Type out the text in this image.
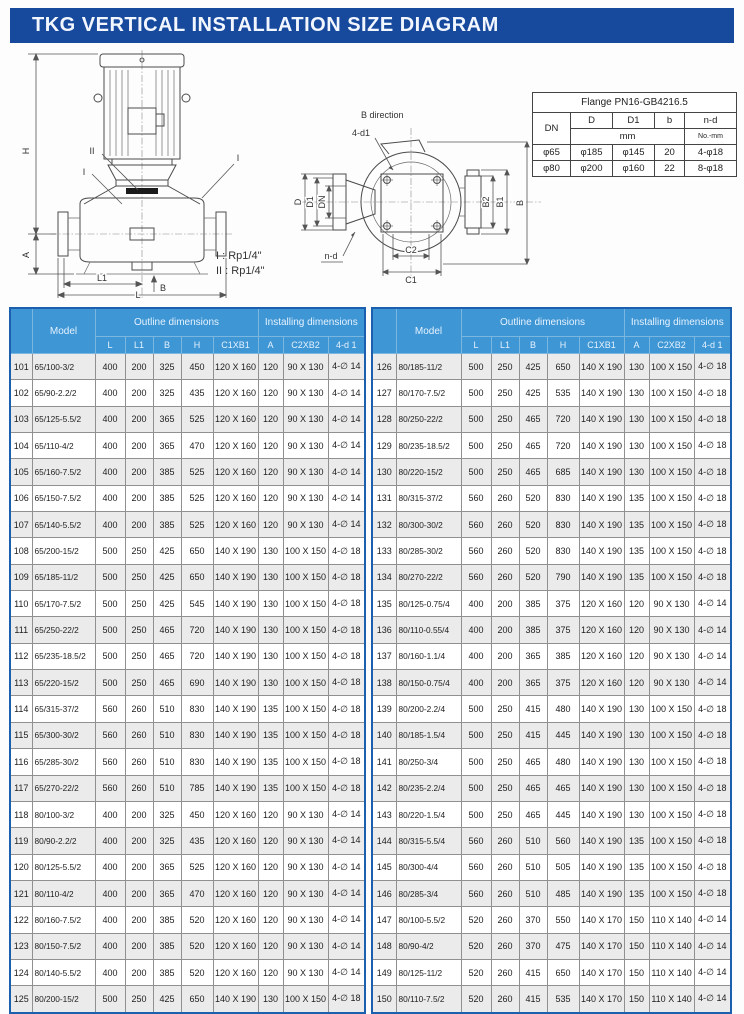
TKG VERTICAL INSTALLATION SIZE DIAGRAM
H
A
L1
L
B
II
I
I
B direction
D D1 DN
n-d
4-d1
B2 B1 B
C2
C1
I : Rp1/4"
II : Rp1/4"
Flange PN16-GB4216.5				
DN	D	D1	b	n-d
	mm			No.-mm
φ65	φ185	φ145	20	4-φ18
φ80	φ200	φ160	22	8-φ18
	Model	Outline dimensions					Installing dimensions		
		L	L1	B	H	C1XB1	A	C2XB2	4-d 1
101	65/100-3/2	400	200	325	450	120 X 160	120	90 X 130	4-∅ 14
102	65/90-2.2/2	400	200	325	435	120 X 160	120	90 X 130	4-∅ 14
103	65/125-5.5/2	400	200	365	525	120 X 160	120	90 X 130	4-∅ 14
104	65/110-4/2	400	200	365	470	120 X 160	120	90 X 130	4-∅ 14
105	65/160-7.5/2	400	200	385	525	120 X 160	120	90 X 130	4-∅ 14
106	65/150-7.5/2	400	200	385	525	120 X 160	120	90 X 130	4-∅ 14
107	65/140-5.5/2	400	200	385	525	120 X 160	120	90 X 130	4-∅ 14
108	65/200-15/2	500	250	425	650	140 X 190	130	100 X 150	4-∅ 18
109	65/185-11/2	500	250	425	650	140 X 190	130	100 X 150	4-∅ 18
110	65/170-7.5/2	500	250	425	545	140 X 190	130	100 X 150	4-∅ 18
111	65/250-22/2	500	250	465	720	140 X 190	130	100 X 150	4-∅ 18
112	65/235-18.5/2	500	250	465	720	140 X 190	130	100 X 150	4-∅ 18
113	65/220-15/2	500	250	465	690	140 X 190	130	100 X 150	4-∅ 18
114	65/315-37/2	560	260	510	830	140 X 190	135	100 X 150	4-∅ 18
115	65/300-30/2	560	260	510	830	140 X 190	135	100 X 150	4-∅ 18
116	65/285-30/2	560	260	510	830	140 X 190	135	100 X 150	4-∅ 18
117	65/270-22/2	560	260	510	785	140 X 190	135	100 X 150	4-∅ 18
118	80/100-3/2	400	200	325	450	120 X 160	120	90 X 130	4-∅ 14
119	80/90-2.2/2	400	200	325	435	120 X 160	120	90 X 130	4-∅ 14
120	80/125-5.5/2	400	200	365	525	120 X 160	120	90 X 130	4-∅ 14
121	80/110-4/2	400	200	365	470	120 X 160	120	90 X 130	4-∅ 14
122	80/160-7.5/2	400	200	385	520	120 X 160	120	90 X 130	4-∅ 14
123	80/150-7.5/2	400	200	385	520	120 X 160	120	90 X 130	4-∅ 14
124	80/140-5.5/2	400	200	385	520	120 X 160	120	90 X 130	4-∅ 14
125	80/200-15/2	500	250	425	650	140 X 190	130	100 X 150	4-∅ 18
	Model	Outline dimensions					Installing dimensions		
		L	L1	B	H	C1XB1	A	C2XB2	4-d 1
126	80/185-11/2	500	250	425	650	140 X 190	130	100 X 150	4-∅ 18
127	80/170-7.5/2	500	250	425	535	140 X 190	130	100 X 150	4-∅ 18
128	80/250-22/2	500	250	465	720	140 X 190	130	100 X 150	4-∅ 18
129	80/235-18.5/2	500	250	465	720	140 X 190	130	100 X 150	4-∅ 18
130	80/220-15/2	500	250	465	685	140 X 190	130	100 X 150	4-∅ 18
131	80/315-37/2	560	260	520	830	140 X 190	135	100 X 150	4-∅ 18
132	80/300-30/2	560	260	520	830	140 X 190	135	100 X 150	4-∅ 18
133	80/285-30/2	560	260	520	830	140 X 190	135	100 X 150	4-∅ 18
134	80/270-22/2	560	260	520	790	140 X 190	135	100 X 150	4-∅ 18
135	80/125-0.75/4	400	200	385	375	120 X 160	120	90 X 130	4-∅ 14
136	80/110-0.55/4	400	200	385	375	120 X 160	120	90 X 130	4-∅ 14
137	80/160-1.1/4	400	200	365	385	120 X 160	120	90 X 130	4-∅ 14
138	80/150-0.75/4	400	200	365	375	120 X 160	120	90 X 130	4-∅ 14
139	80/200-2.2/4	500	250	415	480	140 X 190	130	100 X 150	4-∅ 18
140	80/185-1.5/4	500	250	415	445	140 X 190	130	100 X 150	4-∅ 18
141	80/250-3/4	500	250	465	480	140 X 190	130	100 X 150	4-∅ 18
142	80/235-2.2/4	500	250	465	465	140 X 190	130	100 X 150	4-∅ 18
143	80/220-1.5/4	500	250	465	445	140 X 190	130	100 X 150	4-∅ 18
144	80/315-5.5/4	560	260	510	560	140 X 190	135	100 X 150	4-∅ 18
145	80/300-4/4	560	260	510	505	140 X 190	135	100 X 150	4-∅ 18
146	80/285-3/4	560	260	510	485	140 X 190	135	100 X 150	4-∅ 18
147	80/100-5.5/2	520	260	370	550	140 X 170	150	110 X 140	4-∅ 14
148	80/90-4/2	520	260	370	475	140 X 170	150	110 X 140	4-∅ 14
149	80/125-11/2	520	260	415	650	140 X 170	150	110 X 140	4-∅ 14
150	80/110-7.5/2	520	260	415	535	140 X 170	150	110 X 140	4-∅ 14
